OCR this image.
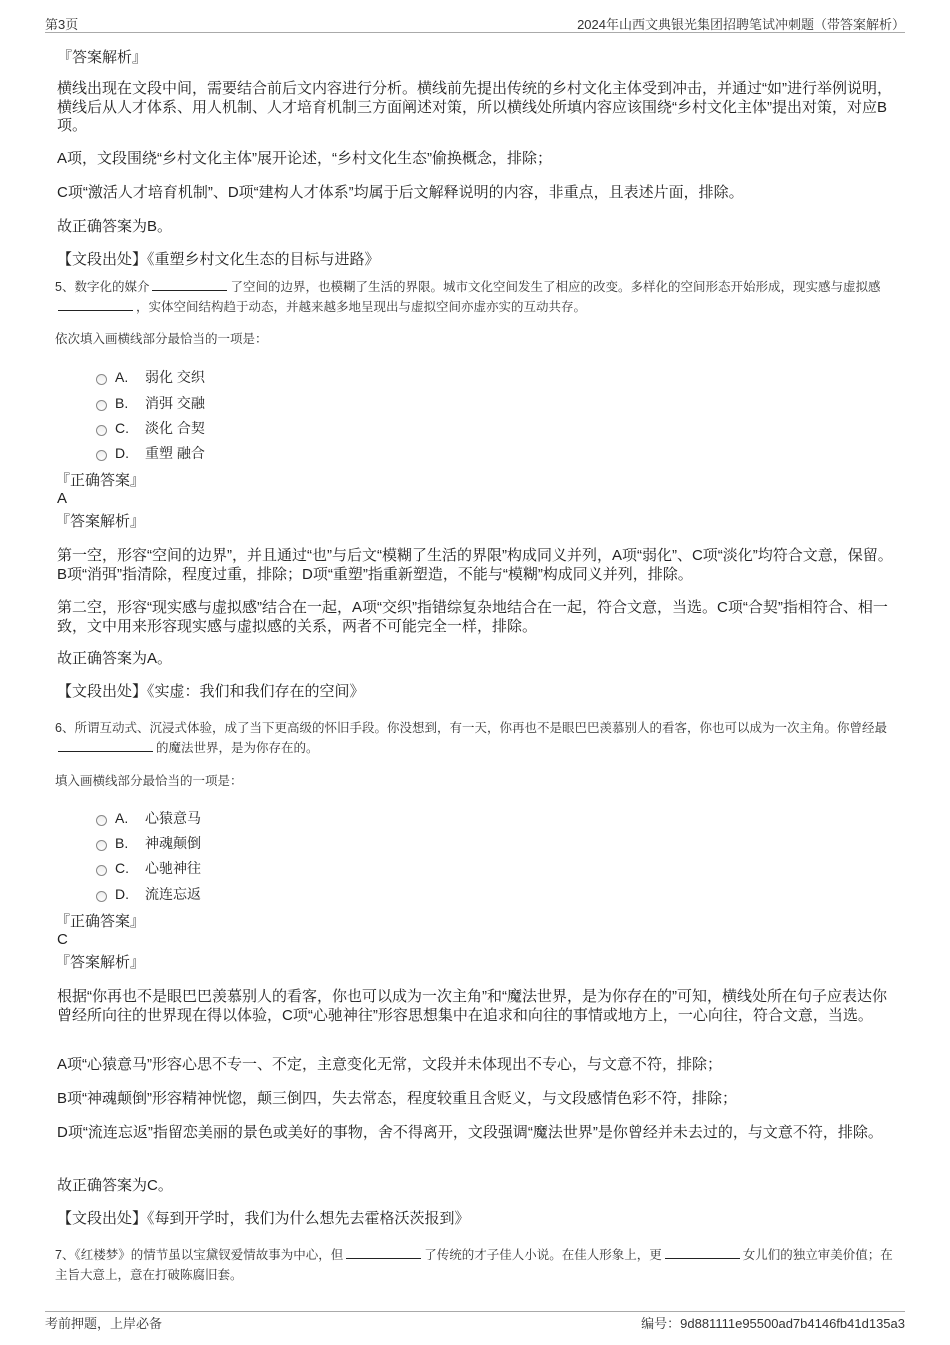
第3页	2024年山西文典银光集团招聘笔试冲刺题（带答案解析）
『答案解析』
横线出现在文段中间，需要结合前后文内容进行分析。横线前先提出传统的乡村文化主体受到冲击，并通过“如”进行举例说明，横线后从人才体系、用人机制、人才培育机制三方面阐述对策，所以横线处所填内容应该围绕“乡村文化主体”提出对策，对应B项。
A项，文段围绕“乡村文化主体”展开论述，“乡村文化生态”偷换概念，排除；
C项“激活人才培育机制”、D项“建构人才体系”均属于后文解释说明的内容，非重点，且表述片面，排除。
故正确答案为B。
【文段出处】《重塑乡村文化生态的目标与进路》
5、数字化的媒介	了空间的边界，也模糊了生活的界限。城市文化空间发生了相应的改变。多样化的空间形态开始形成，现实感与虚拟感，实体空间结构趋于动态，并越来越多地呈现出与虚拟空间亦虚亦实的互动共存。
依次填入画横线部分最恰当的一项是：
A.	弱化 交织
B.	消弭 交融
C.	淡化 合契
D.	重塑 融合
『正确答案』
A
『答案解析』
第一空，形容“空间的边界”，并且通过“也”与后文“模糊了生活的界限”构成同义并列，A项“弱化”、C项“淡化”均符合文意，保留。B项“消弭”指清除，程度过重，排除；D项“重塑”指重新塑造，不能与“模糊”构成同义并列，排除。
第二空，形容“现实感与虚拟感”结合在一起，A项“交织”指错综复杂地结合在一起，符合文意，当选。C项“合契”指相符合、相一致，文中用来形容现实感与虚拟感的关系，两者不可能完全一样，排除。
故正确答案为A。
【文段出处】《实虚：我们和我们存在的空间》
6、所谓互动式、沉浸式体验，成了当下更高级的怀旧手段。你没想到，有一天，你再也不是眼巴巴羡慕别人的看客，你也可以成为一次主角。你曾经最的魔法世界，是为你存在的。
填入画横线部分最恰当的一项是：
A.	心猿意马
B.	神魂颠倒
C.	心驰神往
D.	流连忘返
『正确答案』
C
『答案解析』
根据“你再也不是眼巴巴羡慕别人的看客，你也可以成为一次主角”和“魔法世界，是为你存在的”可知，横线处所在句子应表达你曾经所向往的世界现在得以体验，C项“心驰神往”形容思想集中在追求和向往的事情或地方上，一心向往，符合文意，当选。
A项“心猿意马”形容心思不专一、不定，主意变化无常，文段并未体现出不专心，与文意不符，排除；
B项“神魂颠倒”形容精神恍惚，颠三倒四，失去常态，程度较重且含贬义，与文段感情色彩不符，排除；
D项“流连忘返”指留恋美丽的景色或美好的事物，舍不得离开，文段强调“魔法世界”是你曾经并未去过的，与文意不符，排除。
故正确答案为C。
【文段出处】《每到开学时，我们为什么想先去霍格沃茨报到》
7、《红楼梦》的情节虽以宝黛钗爱情故事为中心，但	了传统的才子佳人小说。在佳人形象上，更	女儿们的独立审美价值；在主旨大意上，意在打破陈腐旧套。
考前押题，上岸必备	编号：9d881111e95500ad7b4146fb41d135a3
